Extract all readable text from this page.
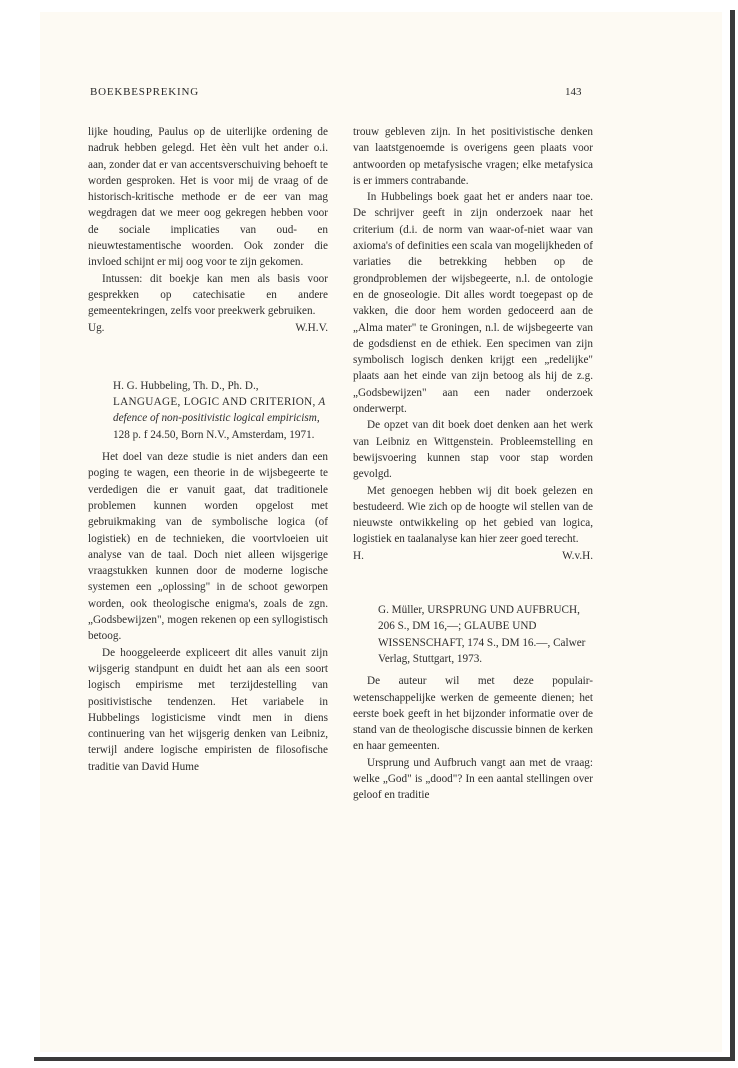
BOEKBESPREKING	143

lijke houding, Paulus op de uiterlijke ordening de nadruk hebben gelegd. Het èèn vult het ander o.i. aan, zonder dat er van accentsverschuiving behoeft te worden gesproken. Het is voor mij de vraag of de historisch-kritische methode er de eer van mag wegdragen dat we meer oog gekregen hebben voor de sociale implicaties van oud- en nieuwtestamentische woorden. Ook zonder die invloed schijnt er mij oog voor te zijn gekomen.

Intussen: dit boekje kan men als basis voor gesprekken op catechisatie en andere gemeentekringen, zelfs voor preekwerk gebruiken.

Ug.	W.H.V.

H. G. Hubbeling, Th. D., Ph. D., LANGUAGE, LOGIC AND CRITERION, A defence of non-positivistic logical empiricism, 128 p. f 24.50, Born N.V., Amsterdam, 1971.

Het doel van deze studie is niet anders dan een poging te wagen, een theorie in de wijsbegeerte te verdedigen die er vanuit gaat, dat traditionele problemen kunnen worden opgelost met gebruikmaking van de symbolische logica (of logistiek) en de technieken, die voortvloeien uit analyse van de taal. Doch niet alleen wijsgerige vraagstukken kunnen door de moderne logische systemen een „oplossing" in de schoot geworpen worden, ook theologische enigma's, zoals de zgn. „Godsbewijzen", mogen rekenen op een syllogistisch betoog.

De hooggeleerde expliceert dit alles vanuit zijn wijsgerig standpunt en duidt het aan als een soort logisch empirisme met terzijdestelling van positivistische tendenzen. Het variabele in Hubbelings logisticisme vindt men in diens continuering van het wijsgerig denken van Leibniz, terwijl andere logische empiristen de filosofische traditie van David Hume

trouw gebleven zijn. In het positivistische denken van laatstgenoemde is overigens geen plaats voor antwoorden op metafysische vragen; elke metafysica is er immers contrabande.

In Hubbelings boek gaat het er anders naar toe. De schrijver geeft in zijn onderzoek naar het criterium (d.i. de norm van waar-of-niet waar van axioma's of definities een scala van mogelijkheden of variaties die betrekking hebben op de grondproblemen der wijsbegeerte, n.l. de ontologie en de gnoseologie. Dit alles wordt toegepast op de vakken, die door hem worden gedoceerd aan de „Alma mater" te Groningen, n.l. de wijsbegeerte van de godsdienst en de ethiek. Een specimen van zijn symbolisch logisch denken krijgt een „redelijke" plaats aan het einde van zijn betoog als hij de z.g. „Godsbewijzen" aan een nader onderzoek onderwerpt.

De opzet van dit boek doet denken aan het werk van Leibniz en Wittgenstein. Probleemstelling en bewijsvoering kunnen stap voor stap worden gevolgd.

Met genoegen hebben wij dit boek gelezen en bestudeerd. Wie zich op de hoogte wil stellen van de nieuwste ontwikkeling op het gebied van logica, logistiek en taalanalyse kan hier zeer goed terecht.

H.	W.v.H.

G. Müller, URSPRUNG UND AUFBRUCH, 206 S., DM 16,—; GLAUBE UND WISSENSCHAFT, 174 S., DM 16.—, Calwer Verlag, Stuttgart, 1973.

De auteur wil met deze populair-wetenschappelijke werken de gemeente dienen; het eerste boek geeft in het bijzonder informatie over de stand van de theologische discussie binnen de kerken en haar gemeenten.

Ursprung und Aufbruch vangt aan met de vraag: welke „God" is „dood"? In een aantal stellingen over geloof en traditie
